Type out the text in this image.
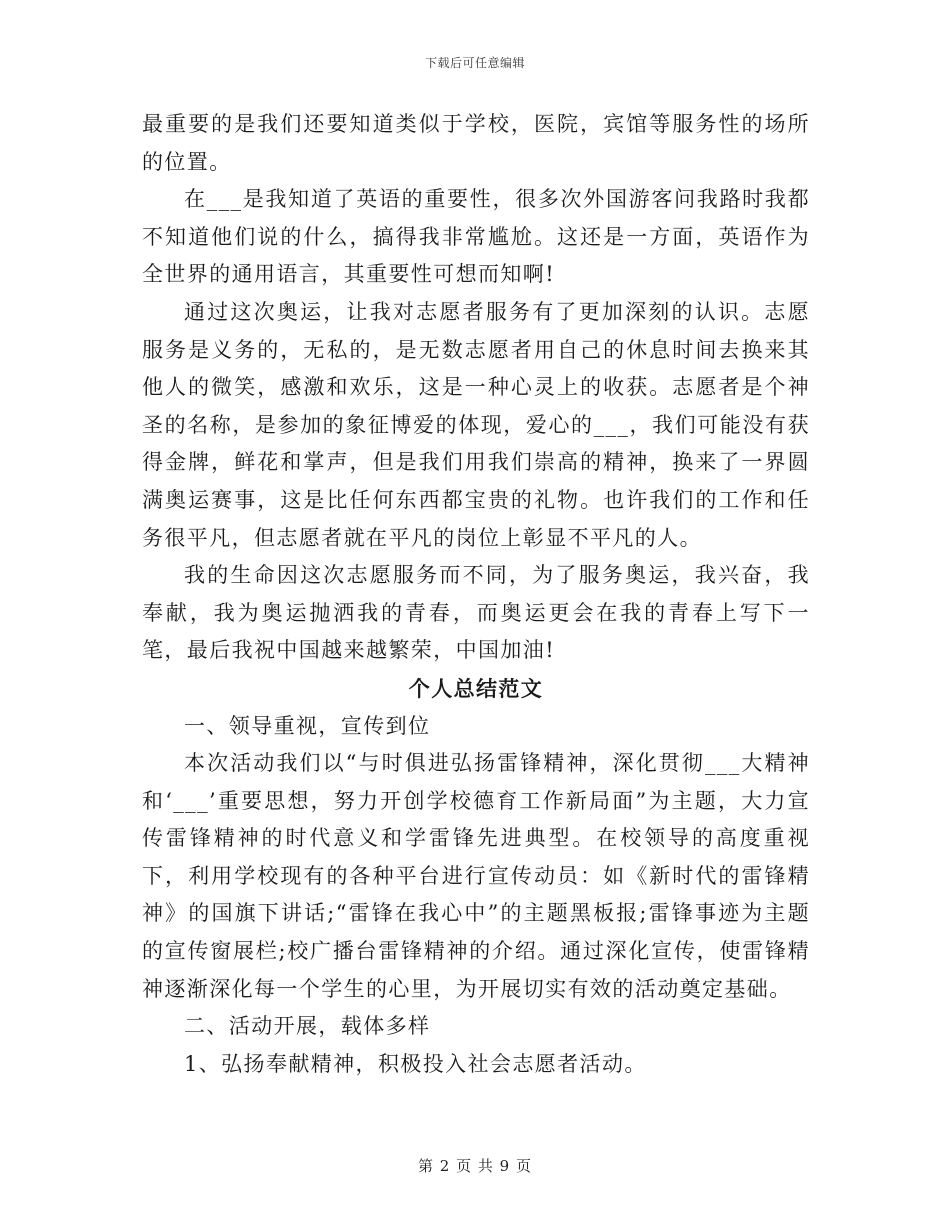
下载后可任意编辑

最重要的是我们还要知道类似于学校，医院，宾馆等服务性的场所的位置。

在___是我知道了英语的重要性，很多次外国游客问我路时我都不知道他们说的什么，搞得我非常尴尬。这还是一方面，英语作为全世界的通用语言，其重要性可想而知啊!

通过这次奥运，让我对志愿者服务有了更加深刻的认识。志愿服务是义务的，无私的，是无数志愿者用自己的休息时间去换来其他人的微笑，感激和欢乐，这是一种心灵上的收获。志愿者是个神圣的名称，是参加的象征博爱的体现，爱心的___，我们可能没有获得金牌，鲜花和掌声，但是我们用我们崇高的精神，换来了一界圆满奥运赛事，这是比任何东西都宝贵的礼物。也许我们的工作和任务很平凡，但志愿者就在平凡的岗位上彰显不平凡的人。

我的生命因这次志愿服务而不同，为了服务奥运，我兴奋，我奉献，我为奥运抛洒我的青春，而奥运更会在我的青春上写下一笔，最后我祝中国越来越繁荣，中国加油!

个人总结范文

一、领导重视，宣传到位

本次活动我们以“与时俱进弘扬雷锋精神，深化贯彻___大精神和‘___’重要思想，努力开创学校德育工作新局面”为主题，大力宣传雷锋精神的时代意义和学雷锋先进典型。在校领导的高度重视下，利用学校现有的各种平台进行宣传动员：如《新时代的雷锋精神》的国旗下讲话;“雷锋在我心中”的主题黑板报;雷锋事迹为主题的宣传窗展栏;校广播台雷锋精神的介绍。通过深化宣传，使雷锋精神逐渐深化每一个学生的心里，为开展切实有效的活动奠定基础。

二、活动开展，载体多样

1、弘扬奉献精神，积极投入社会志愿者活动。

第 2 页 共 9 页
